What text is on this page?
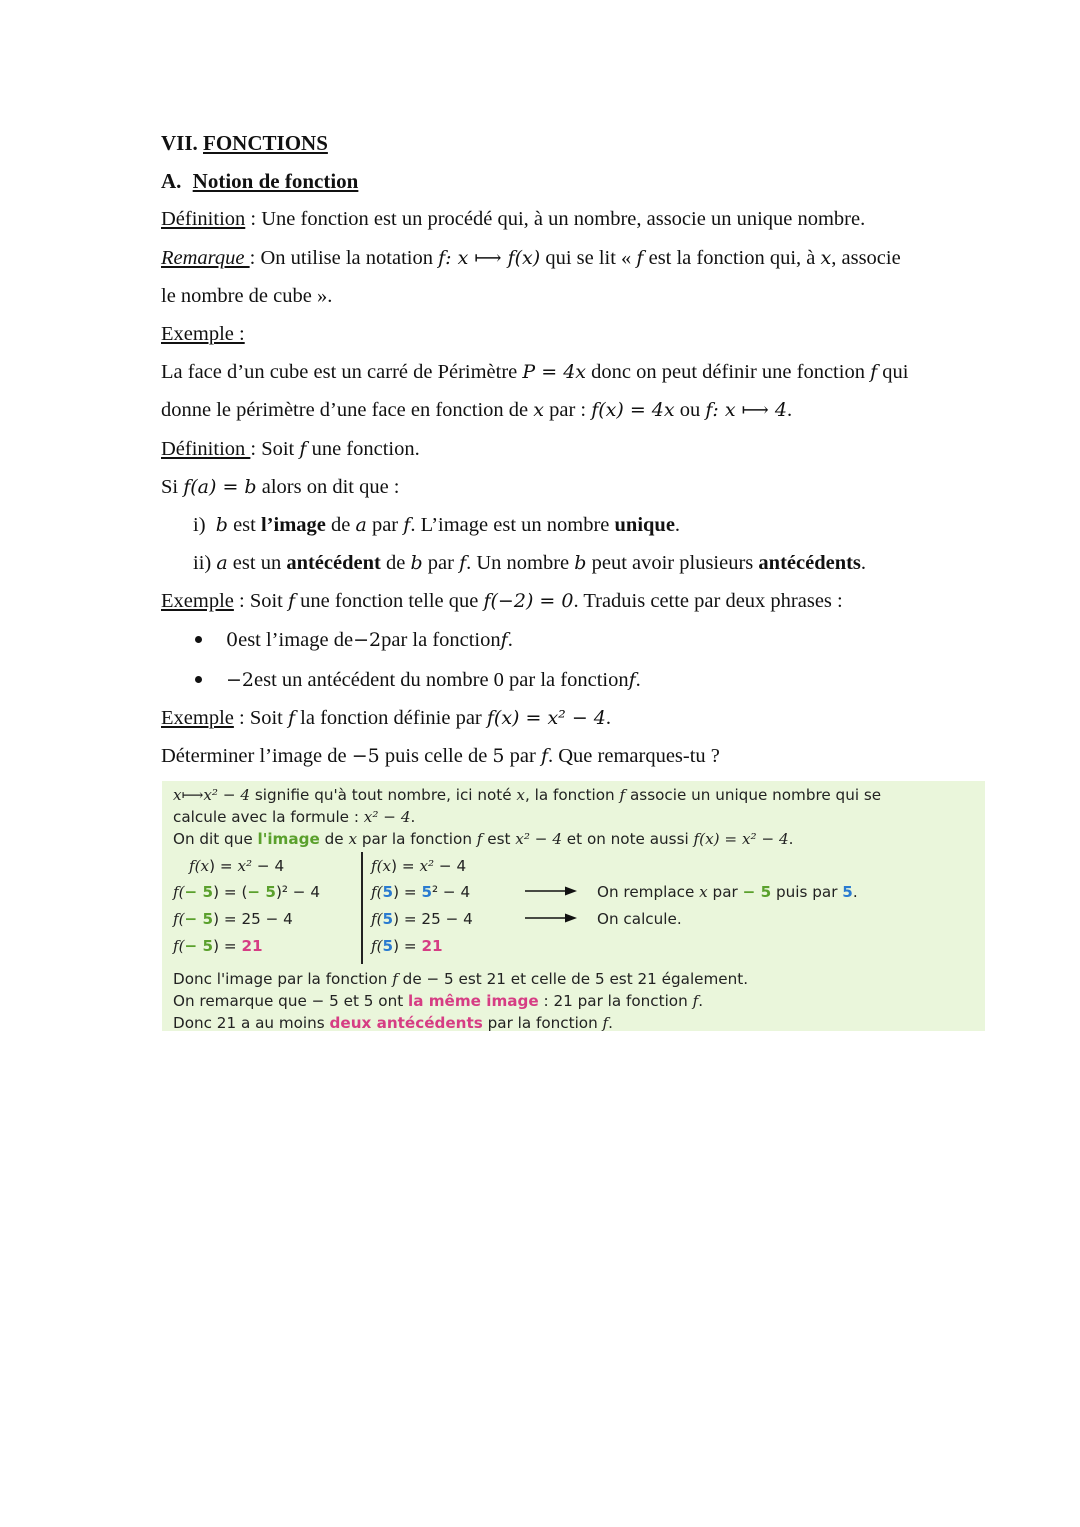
VII. FONCTIONS
A. Notion de fonction
Définition : Une fonction est un procédé qui, à un nombre, associe un unique nombre.
Remarque : On utilise la notation f: x ⟼ f(x) qui se lit « f est la fonction qui, à x, associe
le nombre de cube ».
Exemple :
La face d’un cube est un carré de Périmètre P = 4x donc on peut définir une fonction f qui
donne le périmètre d’une face en fonction de x par : f(x) = 4x ou f: x ⟼ 4.
Définition : Soit f une fonction.
Si f(a) = b alors on dit que :
i) b est l’image de a par f. L’image est un nombre unique.
ii) a est un antécédent de b par f. Un nombre b peut avoir plusieurs antécédents.
Exemple : Soit f une fonction telle que f(−2) = 0. Traduis cette par deux phrases :
0 est l’image de −2 par la fonction f .
−2 est un antécédent du nombre 0 par la fonction f .
Exemple : Soit f la fonction définie par f(x) = x² − 4.
Déterminer l’image de −5 puis celle de 5 par f. Que remarques-tu ?
x⟼x² − 4 signifie qu'à tout nombre, ici noté x, la fonction f associe un unique nombre qui se
calcule avec la formule : x² − 4.
On dit que l'image de x par la fonction f est x² − 4 et on note aussi f(x) = x² − 4.
f(x) = x² − 4
f(− 5) = (− 5)² − 4
f(− 5) = 25 − 4
f(− 5) = 21
f(x) = x² − 4
f(5) = 5² − 4
f(5) = 25 − 4
f(5) = 21
On remplace x par − 5 puis par 5.
On calcule.
Donc l'image par la fonction f de − 5 est 21 et celle de 5 est 21 également.
On remarque que − 5 et 5 ont la même image : 21 par la fonction f.
Donc 21 a au moins deux antécédents par la fonction f.
